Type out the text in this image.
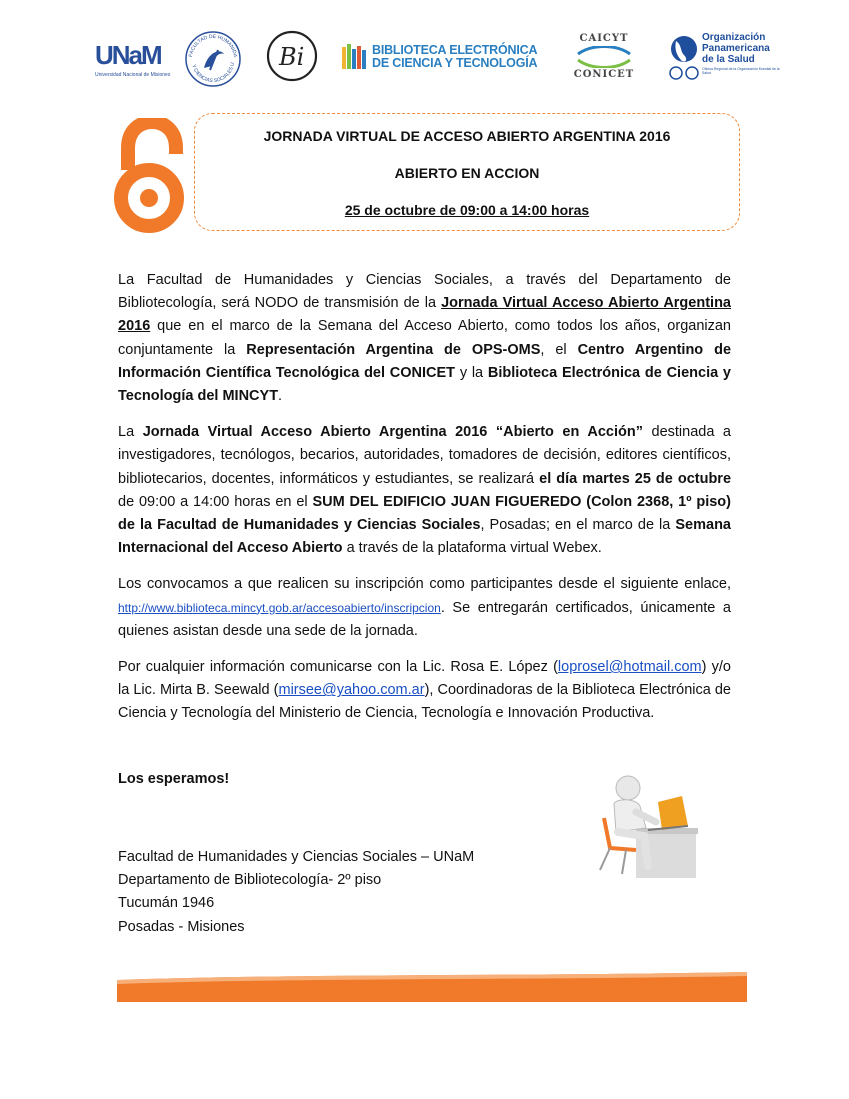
UNaM
Universidad Nacional de Misiones
FACULTAD DE HUMANIDA
Y CIENCIAS SOCIALES U Bi	BIBLIOTECA ELECTRÓNICA
DE CIENCIA Y TECNOLOGÍA
CAICYT
CONICET
Organización
Panamericana
de la Salud
Oficina Regional de la Organización Mundial de la Salud
JORNADA VIRTUAL DE ACCESO ABIERTO ARGENTINA 2016
ABIERTO EN ACCION
25 de octubre de 09:00 a 14:00 horas

La Facultad de Humanidades y Ciencias Sociales, a través del Departamento de Bibliotecología, será NODO de transmisión de la Jornada Virtual Acceso Abierto Argentina 2016 que en el marco de la Semana del Acceso Abierto, como todos los años, organizan conjuntamente la Representación Argentina de OPS-OMS, el Centro Argentino de Información Científica Tecnológica del CONICET y la Biblioteca Electrónica de Ciencia y Tecnología del MINCYT.

La Jornada Virtual Acceso Abierto Argentina 2016 “Abierto en Acción” destinada a investigadores, tecnólogos, becarios, autoridades, tomadores de decisión, editores científicos, bibliotecarios, docentes, informáticos y estudiantes, se realizará el día martes 25 de octubre de 09:00 a 14:00 horas en el SUM DEL EDIFICIO JUAN FIGUEREDO (Colon 2368, 1º piso) de la Facultad de Humanidades y Ciencias Sociales, Posadas; en el marco de la Semana Internacional del Acceso Abierto a través de la plataforma virtual Webex.

Los convocamos a que realicen su inscripción como participantes desde el siguiente enlace, http://www.biblioteca.mincyt.gob.ar/accesoabierto/inscripcion. Se entregarán certificados, únicamente a quienes asistan desde una sede de la jornada.

Por cualquier información comunicarse con la Lic. Rosa E. López (loprosel@hotmail.com) y/o la Lic. Mirta B. Seewald (mirsee@yahoo.com.ar), Coordinadoras de la Biblioteca Electrónica de Ciencia y Tecnología del Ministerio de Ciencia, Tecnología e Innovación Productiva.

Los esperamos!
Facultad de Humanidades y Ciencias Sociales – UNaM
Departamento de Bibliotecología- 2º piso
Tucumán 1946
Posadas - Misiones
